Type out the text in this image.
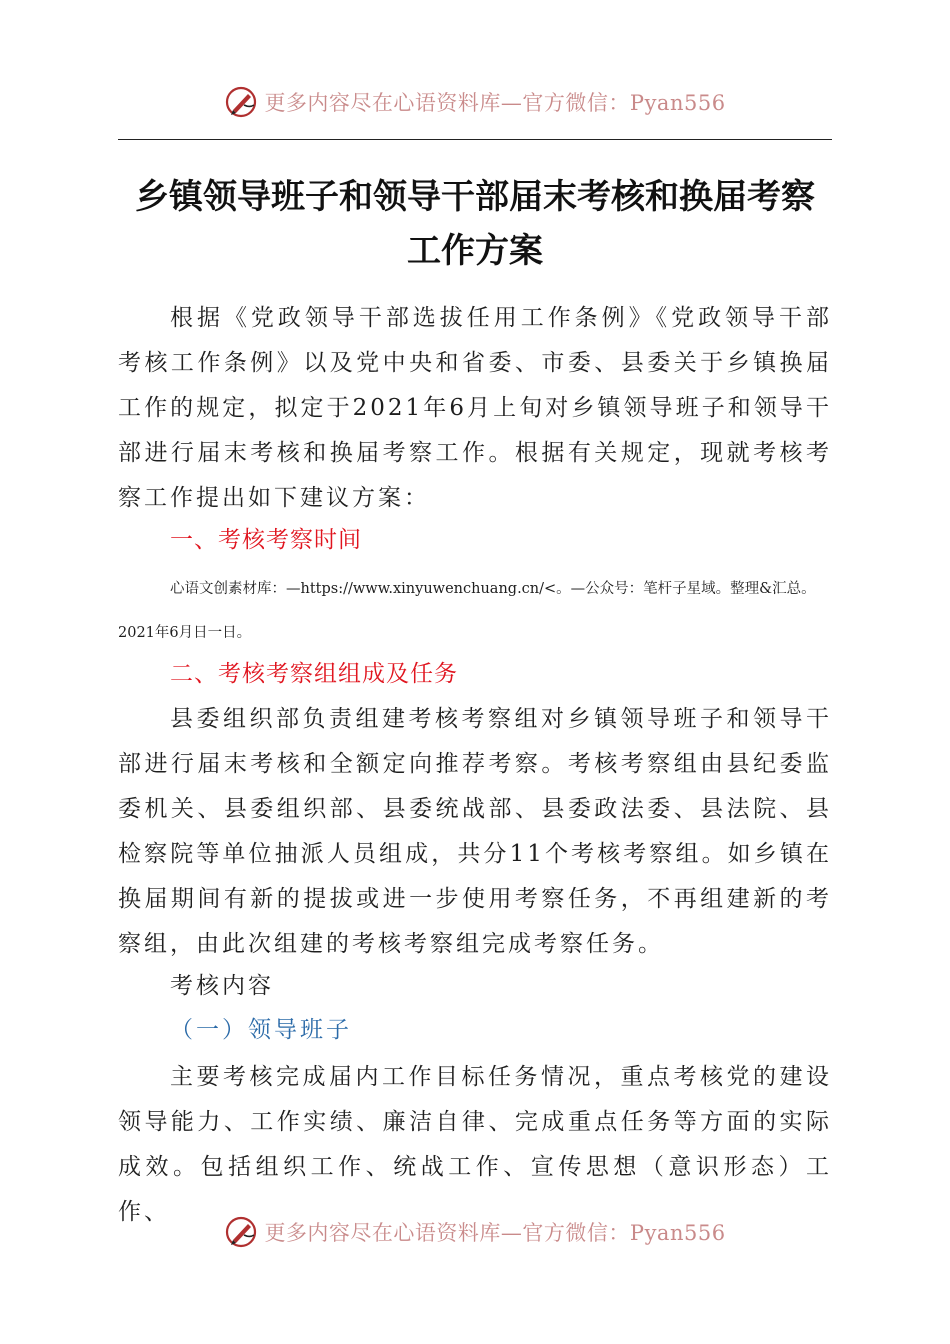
更多内容尽在心语资料库—官方微信：Pyan556
乡镇领导班子和领导干部届末考核和换届考察
工作方案
根据《党政领导干部选拔任用工作条例》《党政领导干部考核工作条例》以及党中央和省委、市委、县委关于乡镇换届工作的规定，拟定于2021年6月上旬对乡镇领导班子和领导干部进行届末考核和换届考察工作。根据有关规定，现就考核考察工作提出如下建议方案：
一、考核考察时间
心语文创素材库：—https://www.xinyuwenchuang.cn/<。—公众号：笔杆子星域。整理&汇总。2021年6月日一日。
二、考核考察组组成及任务
县委组织部负责组建考核考察组对乡镇领导班子和领导干部进行届末考核和全额定向推荐考察。考核考察组由县纪委监委机关、县委组织部、县委统战部、县委政法委、县法院、县检察院等单位抽派人员组成，共分11个考核考察组。如乡镇在换届期间有新的提拔或进一步使用考察任务，不再组建新的考察组，由此次组建的考核考察组完成考察任务。
考核内容
（一）领导班子
主要考核完成届内工作目标任务情况，重点考核党的建设领导能力、工作实绩、廉洁自律、完成重点任务等方面的实际成效。包括组织工作、统战工作、宣传思想（意识形态）工作、
更多内容尽在心语资料库—官方微信：Pyan556
